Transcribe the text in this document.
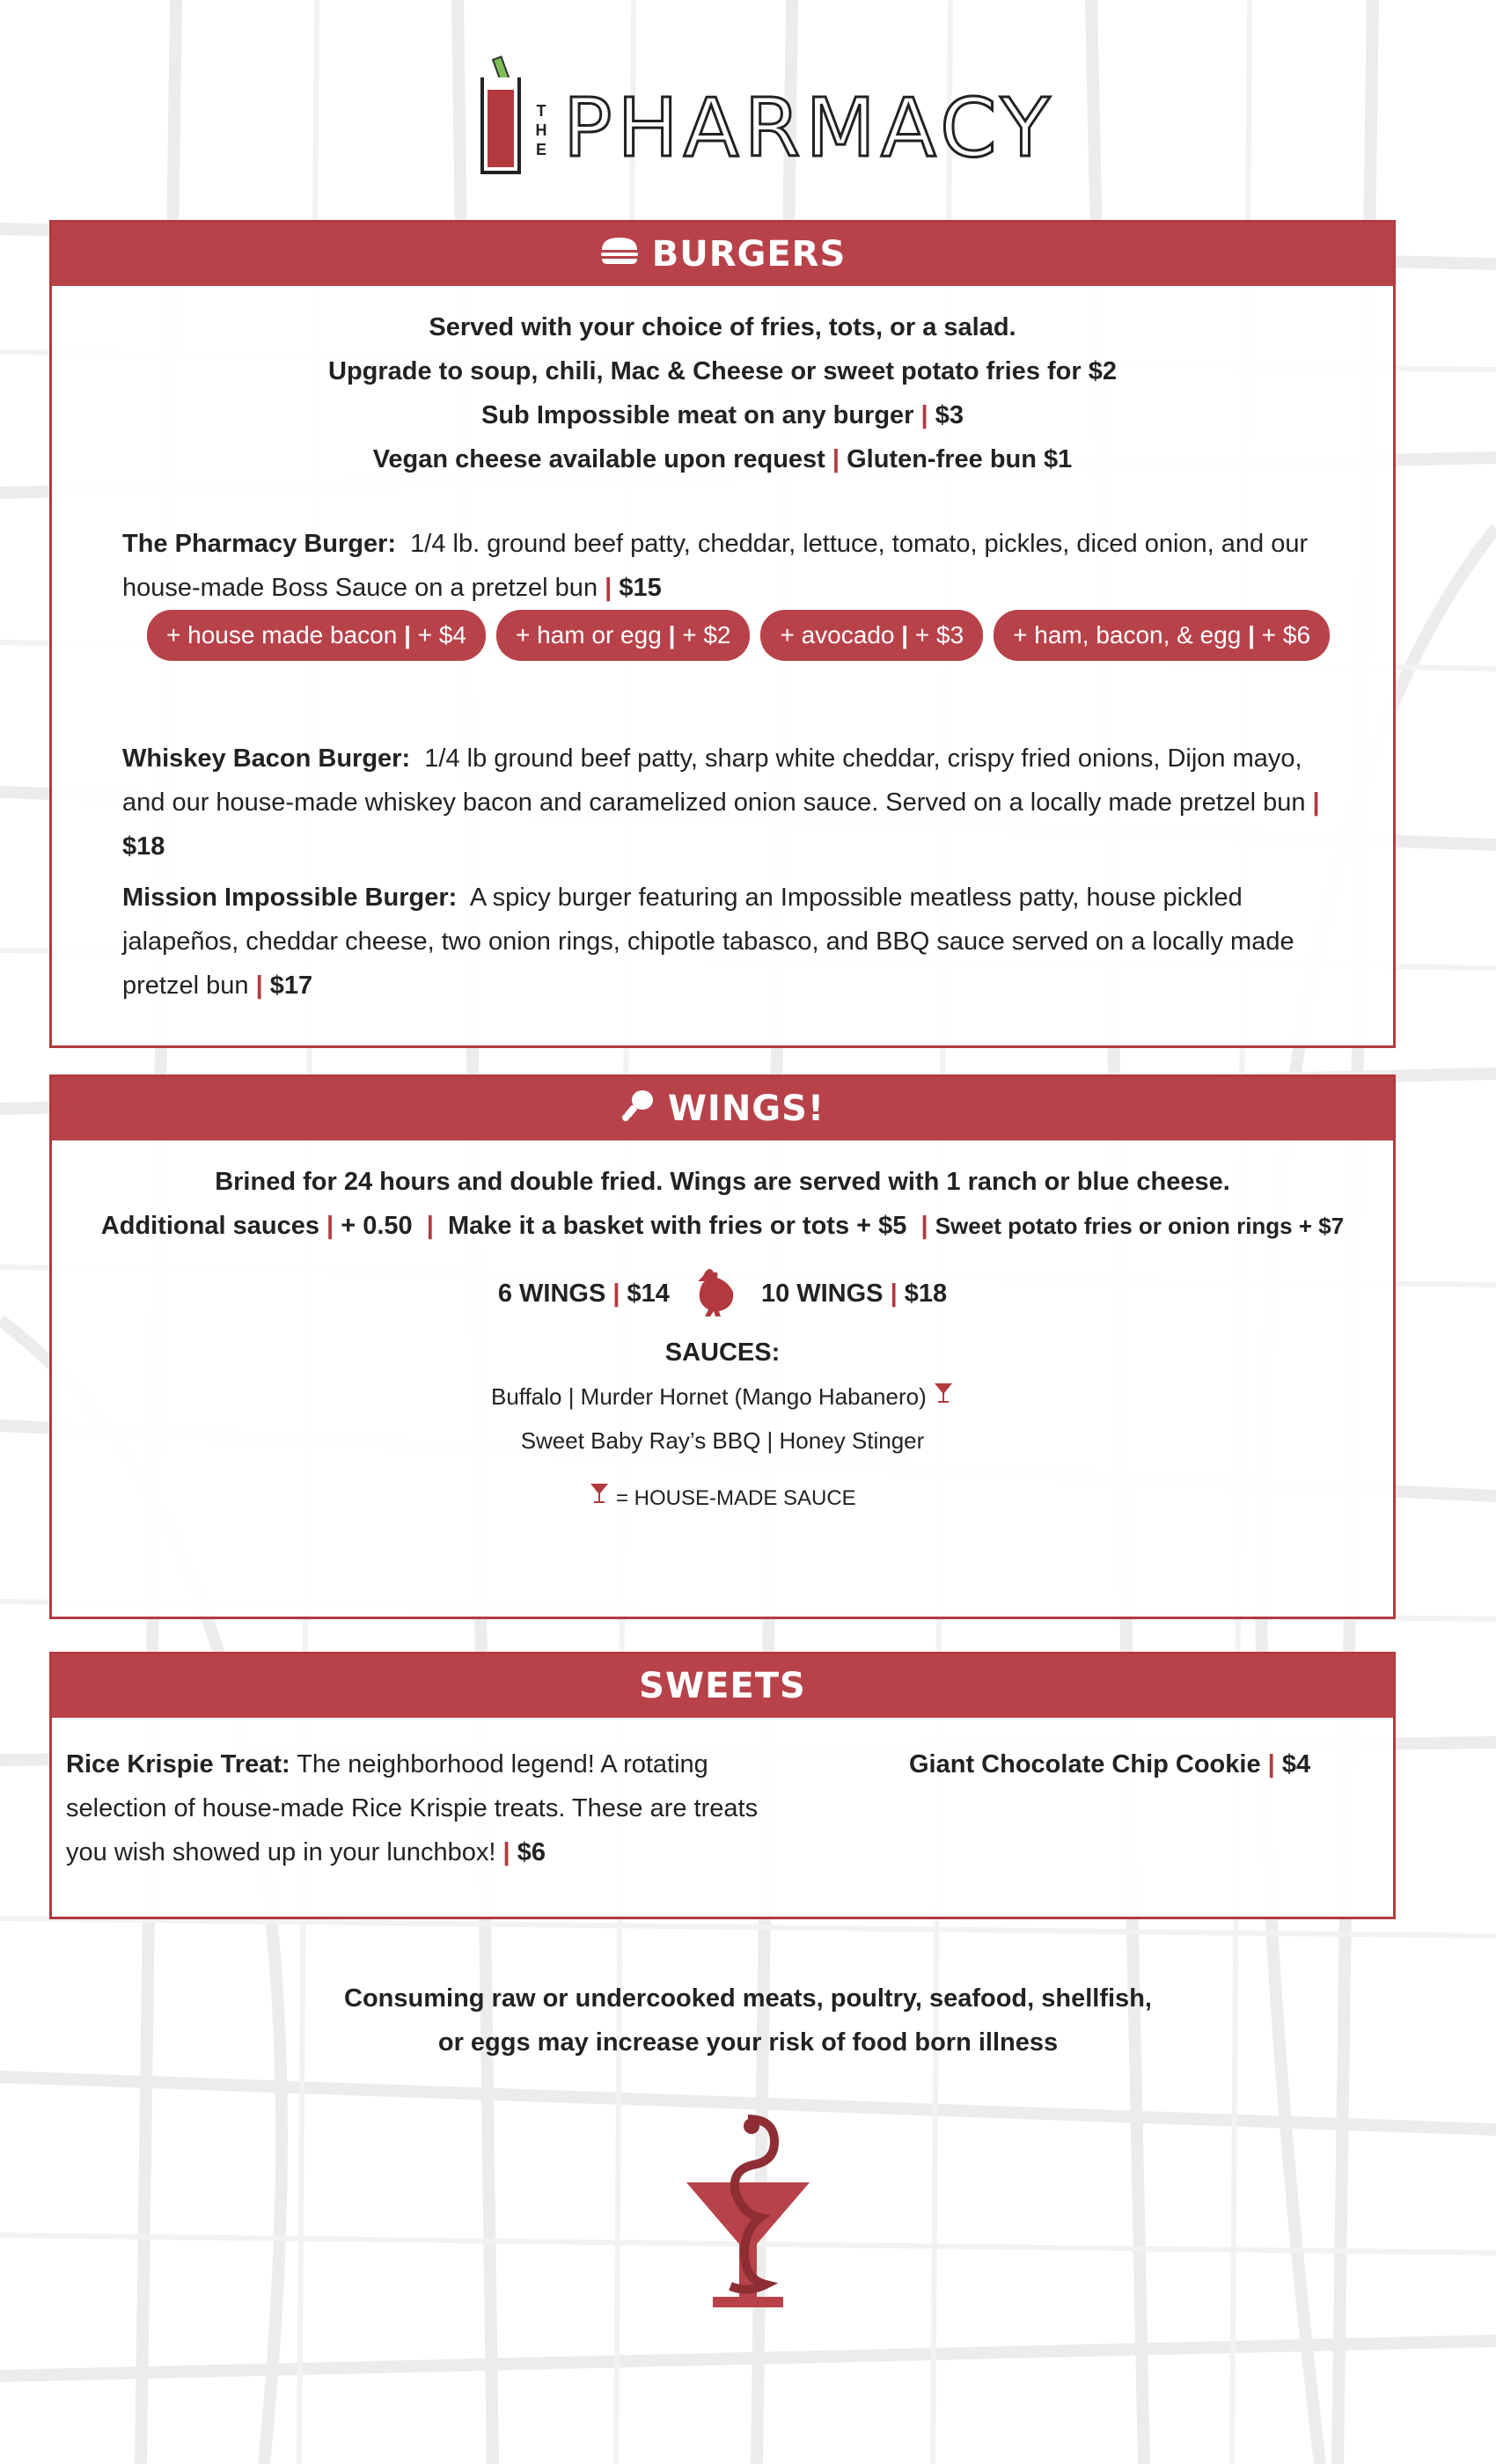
THE PHARMACY
BURGERS
Served with your choice of fries, tots, or a salad.
Upgrade to soup, chili, Mac & Cheese or sweet potato fries for $2
Sub Impossible meat on any burger | $3
Vegan cheese available upon request | Gluten-free bun $1
The Pharmacy Burger: 1/4 lb. ground beef patty, cheddar, lettuce, tomato, pickles, diced onion, and our house-made Boss Sauce on a pretzel bun | $15
+ house made bacon | + $4	+ ham or egg | + $2	+ avocado | + $3	+ ham, bacon, & egg | + $6
Whiskey Bacon Burger: 1/4 lb ground beef patty, sharp white cheddar, crispy fried onions, Dijon mayo, and our house-made whiskey bacon and caramelized onion sauce. Served on a locally made pretzel bun | $18
Mission Impossible Burger: A spicy burger featuring an Impossible meatless patty, house pickled jalapeños, cheddar cheese, two onion rings, chipotle tabasco, and BBQ sauce served on a locally made pretzel bun | $17
WINGS!
Brined for 24 hours and double fried. Wings are served with 1 ranch or blue cheese.
Additional sauces | + 0.50 | Make it a basket with fries or tots + $5 | Sweet potato fries or onion rings + $7
6 WINGS | $14	10 WINGS | $18
SAUCES:
Buffalo | Murder Hornet (Mango Habanero)
Sweet Baby Ray’s BBQ | Honey Stinger
= HOUSE-MADE SAUCE
SWEETS
Rice Krispie Treat: The neighborhood legend! A rotating selection of house-made Rice Krispie treats. These are treats you wish showed up in your lunchbox! | $6
Giant Chocolate Chip Cookie | $4
Consuming raw or undercooked meats, poultry, seafood, shellfish,
or eggs may increase your risk of food born illness
